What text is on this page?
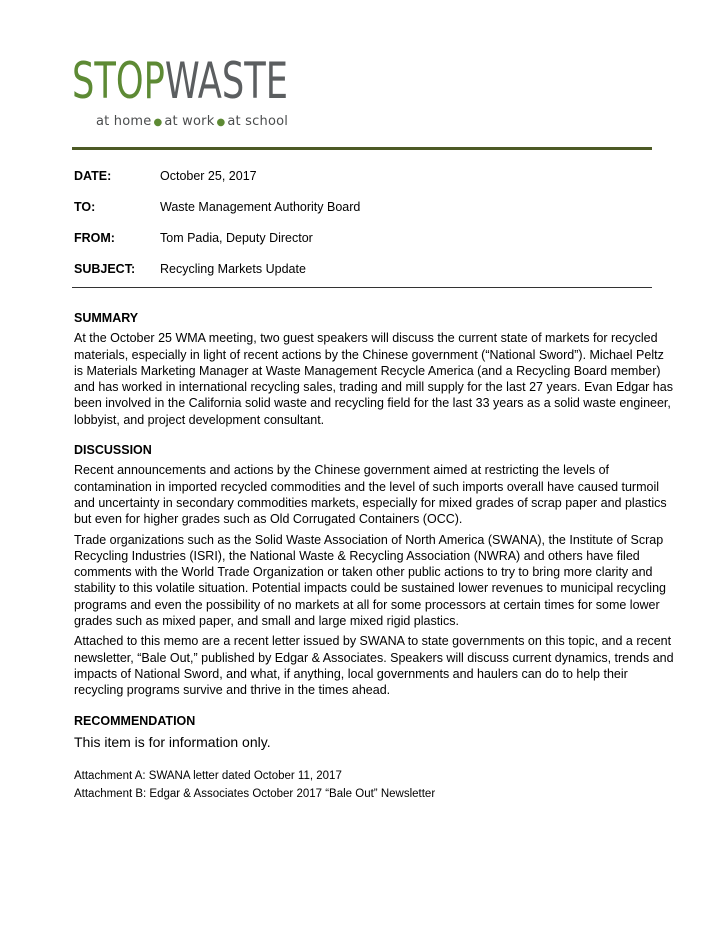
STOPWASTE
at home ● at work ● at school
DATE:	October 25, 2017
TO:	Waste Management Authority Board
FROM:	Tom Padia, Deputy Director
SUBJECT: Recycling Markets Update
SUMMARY

At the October 25 WMA meeting, two guest speakers will discuss the current state of markets for recycled materials, especially in light of recent actions by the Chinese government (“National Sword”). Michael Peltz is Materials Marketing Manager at Waste Management Recycle America (and a Recycling Board member) and has worked in international recycling sales, trading and mill supply for the last 27 years. Evan Edgar has been involved in the California solid waste and recycling field for the last 33 years as a solid waste engineer, lobbyist, and project development consultant.

DISCUSSION

Recent announcements and actions by the Chinese government aimed at restricting the levels of contamination in imported recycled commodities and the level of such imports overall have caused turmoil and uncertainty in secondary commodities markets, especially for mixed grades of scrap paper and plastics but even for higher grades such as Old Corrugated Containers (OCC).

Trade organizations such as the Solid Waste Association of North America (SWANA), the Institute of Scrap Recycling Industries (ISRI), the National Waste & Recycling Association (NWRA) and others have filed comments with the World Trade Organization or taken other public actions to try to bring more clarity and stability to this volatile situation. Potential impacts could be sustained lower revenues to municipal recycling programs and even the possibility of no markets at all for some processors at certain times for some lower grades such as mixed paper, and small and large mixed rigid plastics.

Attached to this memo are a recent letter issued by SWANA to state governments on this topic, and a recent newsletter, “Bale Out,” published by Edgar & Associates. Speakers will discuss current dynamics, trends and impacts of National Sword, and what, if anything, local governments and haulers can do to help their recycling programs survive and thrive in the times ahead.

RECOMMENDATION

This item is for information only.

Attachment A: SWANA letter dated October 11, 2017
Attachment B: Edgar & Associates October 2017 “Bale Out” Newsletter
